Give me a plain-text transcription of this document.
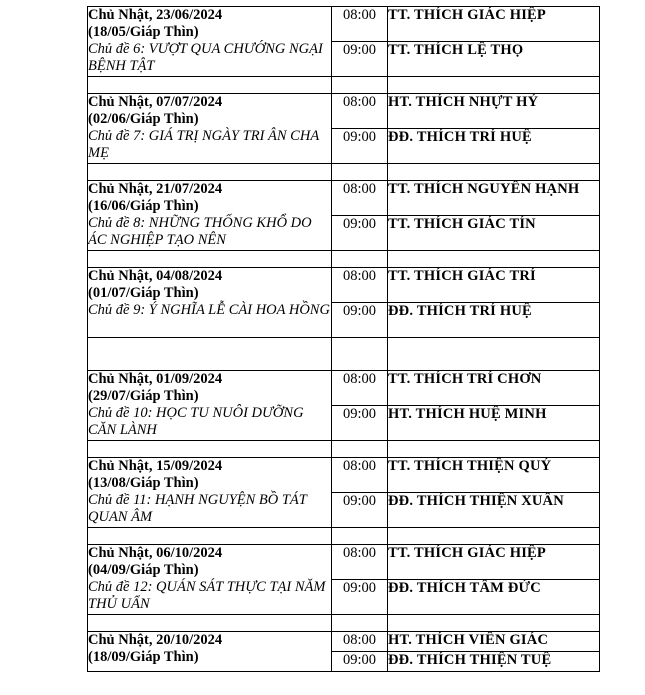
Chủ Nhật, 23/06/2024
(18/05/Giáp Thìn)
Chủ đề 6: VƯỢT QUA CHƯỚNG NGẠI BỆNH TẬT	08:00	TT. THÍCH GIÁC HIỆP
	09:00	TT. THÍCH LỆ THỌ

Chủ Nhật, 07/07/2024
(02/06/Giáp Thìn)
Chủ đề 7: GIÁ TRỊ NGÀY TRI ÂN CHA MẸ	08:00	HT. THÍCH NHỰT HỶ
	09:00	ĐĐ. THÍCH TRÍ HUỆ

Chủ Nhật, 21/07/2024
(16/06/Giáp Thìn)
Chủ đề 8: NHỮNG THỐNG KHỔ DO ÁC NGHIỆP TẠO NÊN	08:00	TT. THÍCH NGUYÊN HẠNH
	09:00	TT. THÍCH GIÁC TÍN

Chủ Nhật, 04/08/2024
(01/07/Giáp Thìn)
Chủ đề 9: Ý NGHĨA LỄ CÀI HOA HỒNG	08:00	TT. THÍCH GIÁC TRÍ
	09:00	ĐĐ. THÍCH TRÍ HUỆ

Chủ Nhật, 01/09/2024
(29/07/Giáp Thìn)
Chủ đề 10: HỌC TU NUÔI DƯỠNG CĂN LÀNH	08:00	TT. THÍCH TRÍ CHƠN
	09:00	HT. THÍCH HUỆ MINH

Chủ Nhật, 15/09/2024
(13/08/Giáp Thìn)
Chủ đề 11: HẠNH NGUYỆN BỒ TÁT QUAN ÂM	08:00	TT. THÍCH THIỆN QUÝ
	09:00	ĐĐ. THÍCH THIỆN XUÂN

Chủ Nhật, 06/10/2024
(04/09/Giáp Thìn)
Chủ đề 12: QUÁN SÁT THỰC TẠI NĂM THỦ UẨN	08:00	TT. THÍCH GIÁC HIỆP
	09:00	ĐĐ. THÍCH TÂM ĐỨC

Chủ Nhật, 20/10/2024
(18/09/Giáp Thìn)	08:00	HT. THÍCH VIÊN GIÁC
	09:00	ĐĐ. THÍCH THIỆN TUỆ
